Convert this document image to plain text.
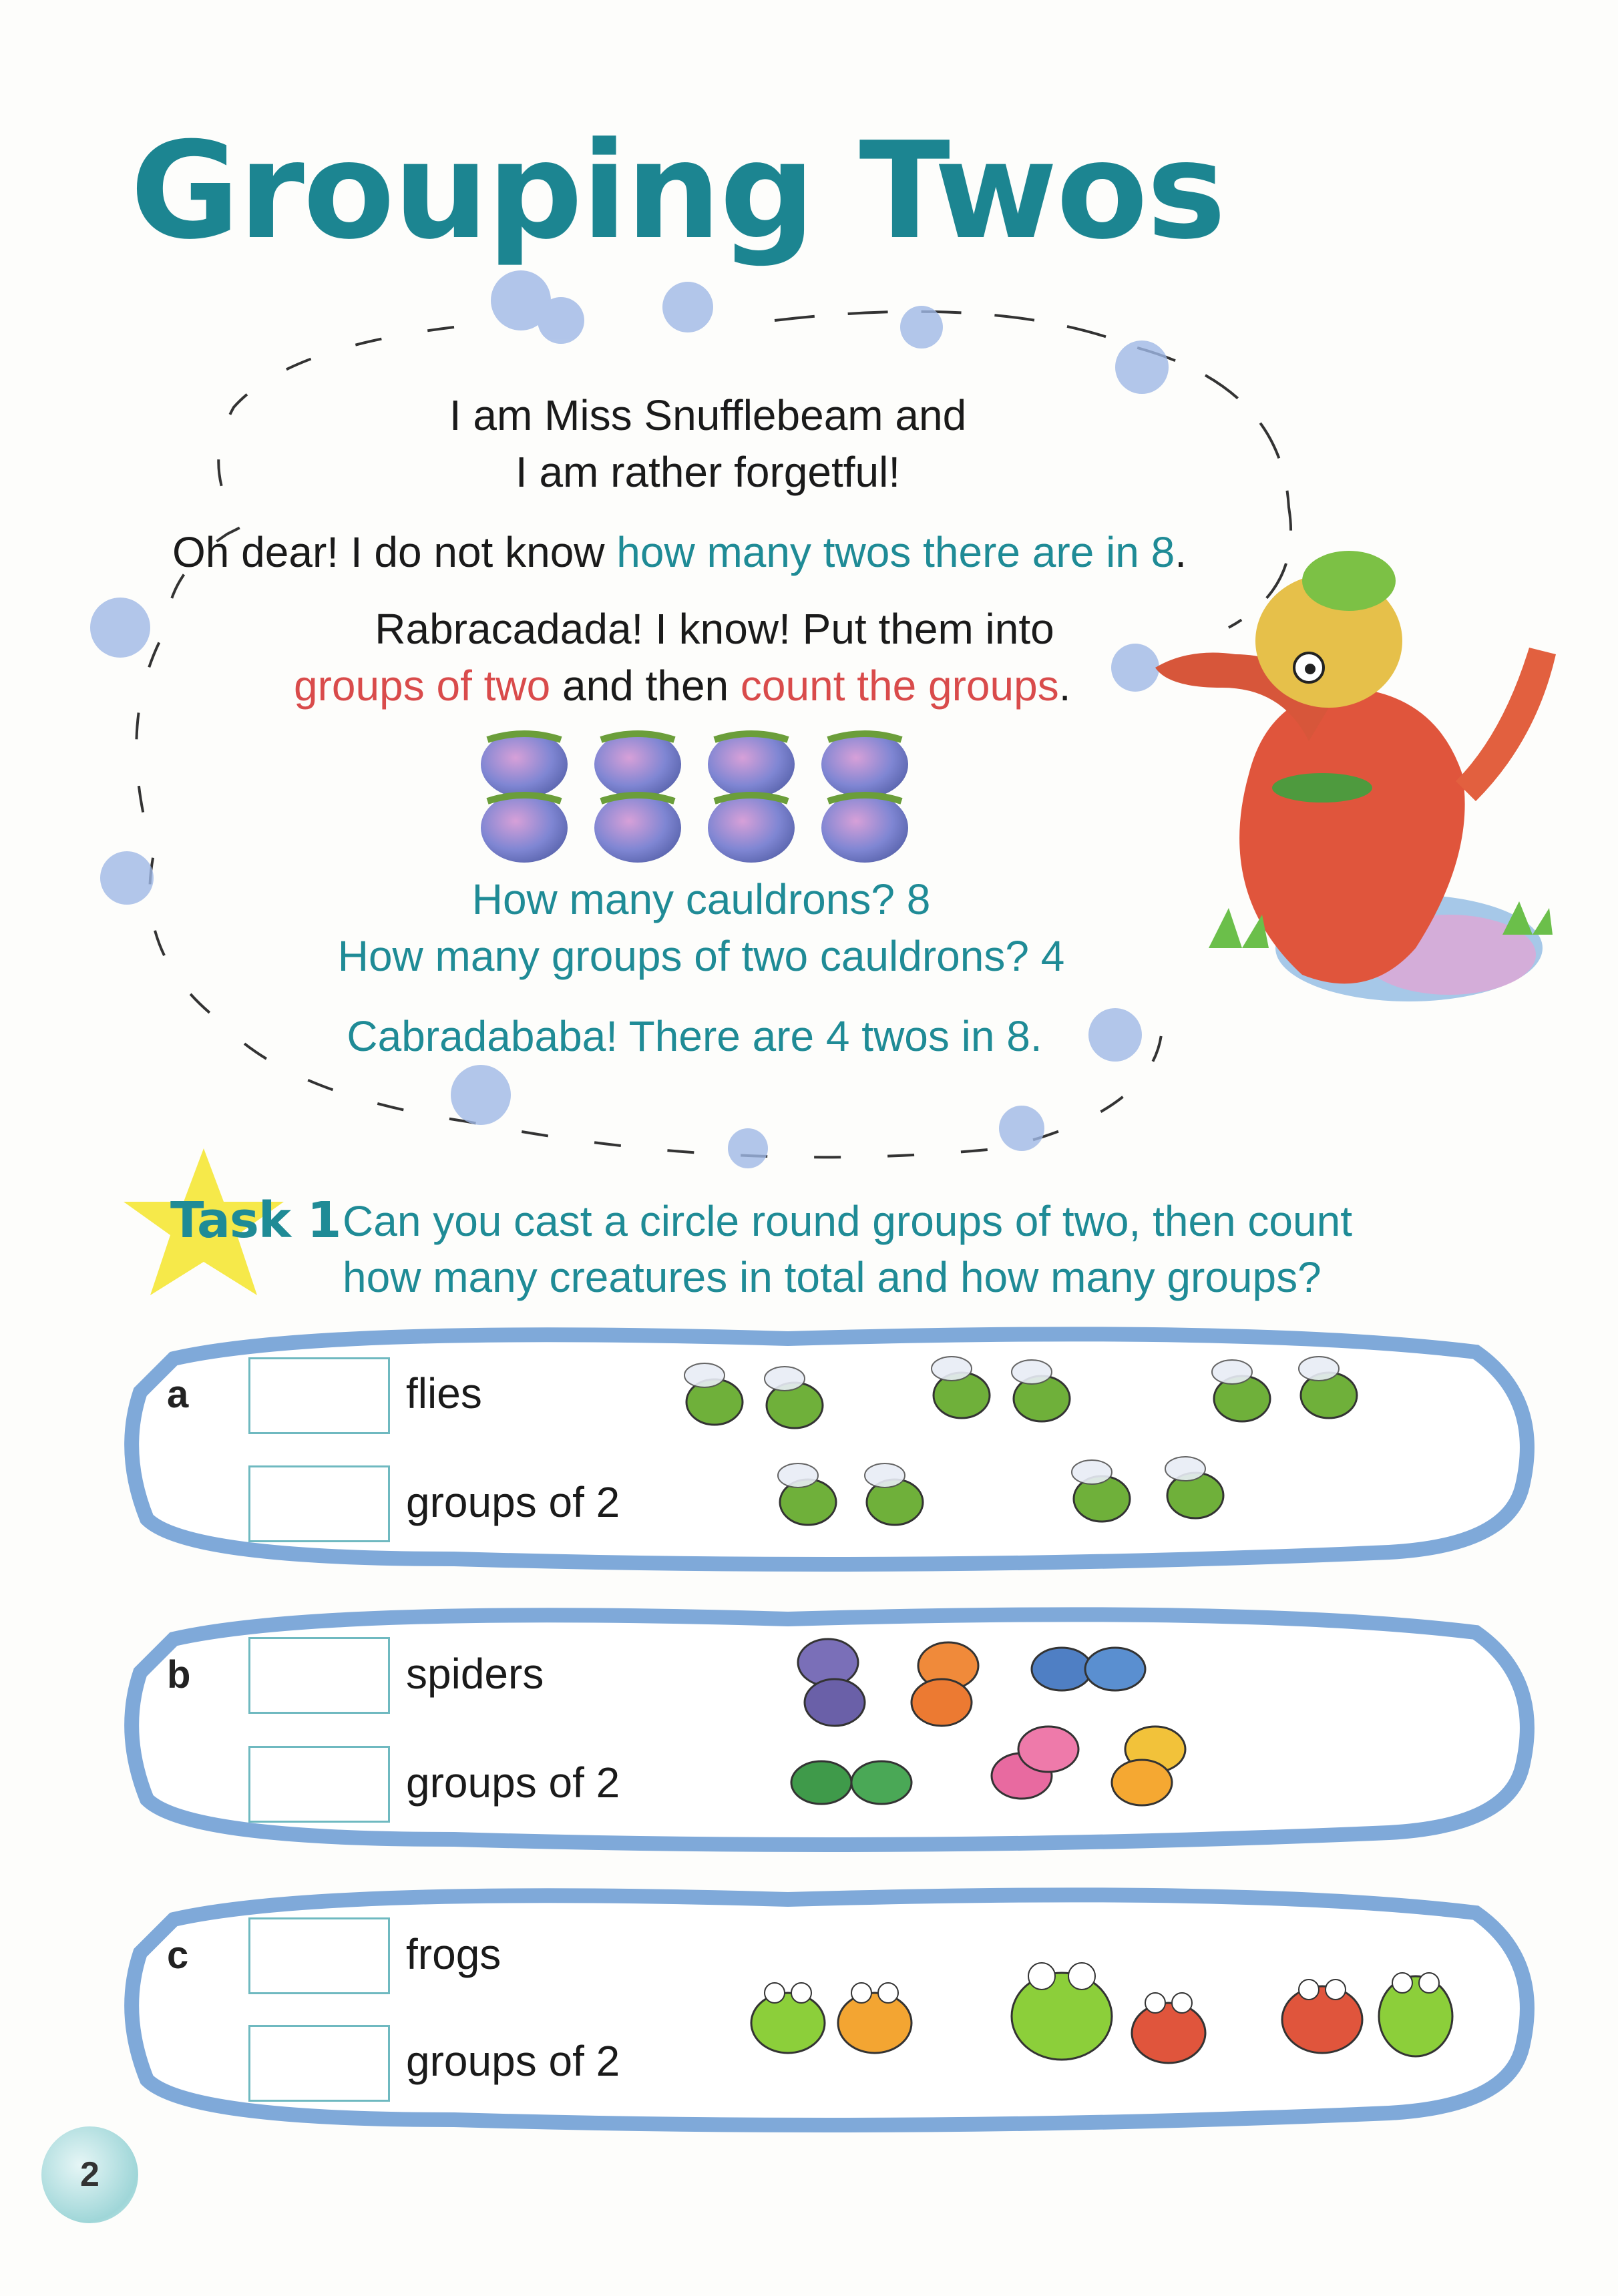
Grouping Twos
I am Miss Snufflebeam and
I am rather forgetful!
Oh dear! I do not know how many twos there are in 8.
Rabracadada! I know! Put them into
groups of two and then count the groups.
How many cauldrons? 8
How many groups of two cauldrons? 4
Cabradababa! There are 4 twos in 8.
Task 1 Can you cast a circle round groups of two, then count
how many creatures in total and how many groups?
a	flies
groups of 2
b	spiders
groups of 2
c	frogs
groups of 2
2
